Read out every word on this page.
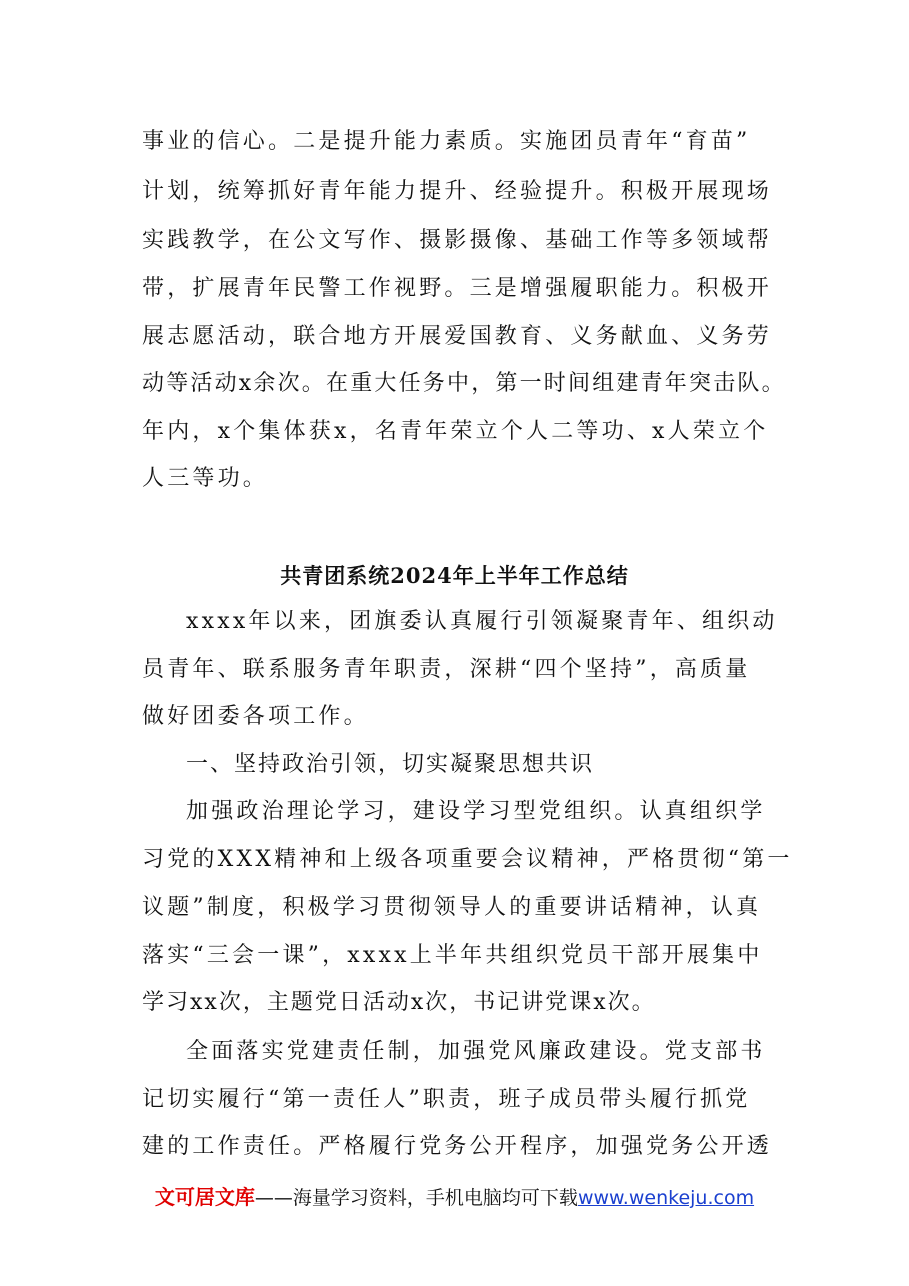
事业的信心。二是提升能力素质。实施团员青年“育苗”
计划，统筹抓好青年能力提升、经验提升。积极开展现场
实践教学，在公文写作、摄影摄像、基础工作等多领域帮
带，扩展青年民警工作视野。三是增强履职能力。积极开
展志愿活动，联合地方开展爱国教育、义务献血、义务劳
动等活动x余次。在重大任务中，第一时间组建青年突击队。
年内，x个集体获x，名青年荣立个人二等功、x人荣立个
人三等功。
共青团系统2024年上半年工作总结
xxxx年以来，团旗委认真履行引领凝聚青年、组织动
员青年、联系服务青年职责，深耕“四个坚持”，高质量
做好团委各项工作。
一、坚持政治引领，切实凝聚思想共识
加强政治理论学习，建设学习型党组织。认真组织学
习党的XXX精神和上级各项重要会议精神，严格贯彻“第一
议题”制度，积极学习贯彻领导人的重要讲话精神，认真
落实“三会一课”，xxxx上半年共组织党员干部开展集中
学习xx次，主题党日活动x次，书记讲党课x次。
全面落实党建责任制，加强党风廉政建设。党支部书
记切实履行“第一责任人”职责，班子成员带头履行抓党
建的工作责任。严格履行党务公开程序，加强党务公开透
文可居文库——海量学习资料，手机电脑均可下载www.wenkeju.com
